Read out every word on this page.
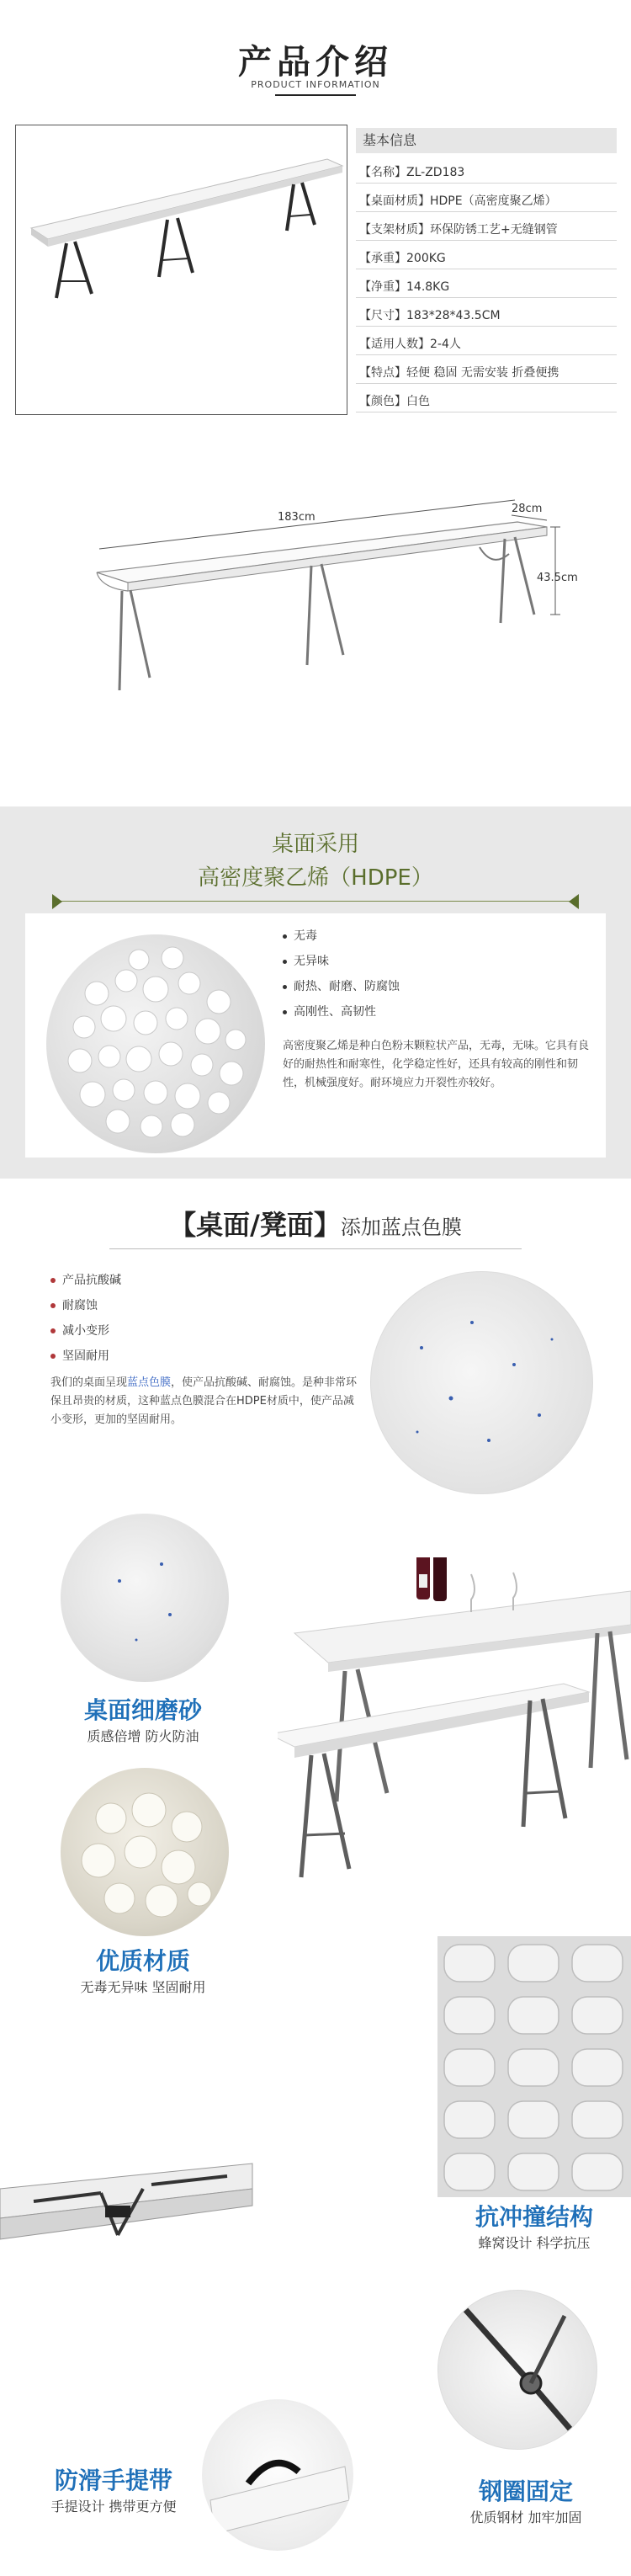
产品介绍
PRODUCT INFORMATION
基本信息
【名称】ZL-ZD183
【桌面材质】HDPE（高密度聚乙烯）
【支架材质】环保防锈工艺+无缝钢管
【承重】200KG
【净重】14.8KG
【尺寸】183*28*43.5CM
【适用人数】2-4人
【特点】轻便 稳固 无需安装 折叠便携
【颜色】白色
183cm
28cm
43.5cm
桌面采用
高密度聚乙烯（HDPE）
无毒
无异味
耐热、耐磨、防腐蚀
高刚性、高韧性
高密度聚乙烯是种白色粉末颗粒状产品，无毒，无味。它具有良好的耐热性和耐寒性，化学稳定性好，还具有较高的刚性和韧性，机械强度好。耐环境应力开裂性亦较好。
【桌面/凳面】添加蓝点色膜
产品抗酸碱
耐腐蚀
减小变形
坚固耐用
我们的桌面呈现蓝点色膜，使产品抗酸碱、耐腐蚀。是种非常环保且昂贵的材质，这种蓝点色膜混合在HDPE材质中，使产品减小变形，更加的坚固耐用。
桌面细磨砂
质感倍增 防火防油
优质材质
无毒无异味 坚固耐用
抗冲撞结构
蜂窝设计 科学抗压
防滑手提带
手提设计 携带更方便
钢圈固定
优质钢材 加牢加固
